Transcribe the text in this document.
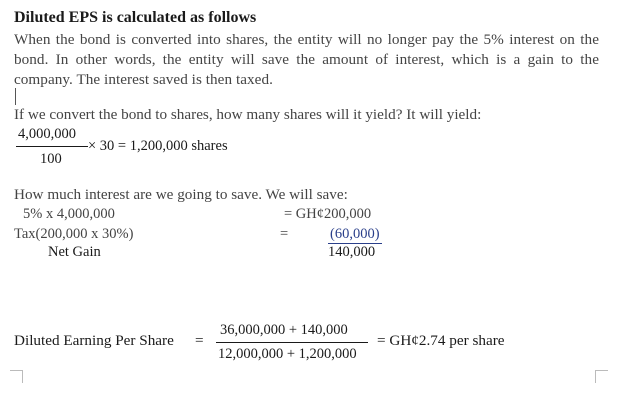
Diluted EPS is calculated as follows
When the bond is converted into shares, the entity will no longer pay the 5% interest on the bond. In other words, the entity will save the amount of interest, which is a gain to the company. The interest saved is then taxed.
If we convert the bond to shares, how many shares will it yield? It will yield:
4,000,000
100
× 30 = 1,200,000 shares
How much interest are we going to save. We will save:
5% x 4,000,000	= GH¢200,000
Tax(200,000 x 30%)	=	(60,000)
Net Gain	140,000
Diluted Earning Per Share =
36,000,000 + 140,000
12,000,000 + 1,200,000
= GH¢2.74 per share
